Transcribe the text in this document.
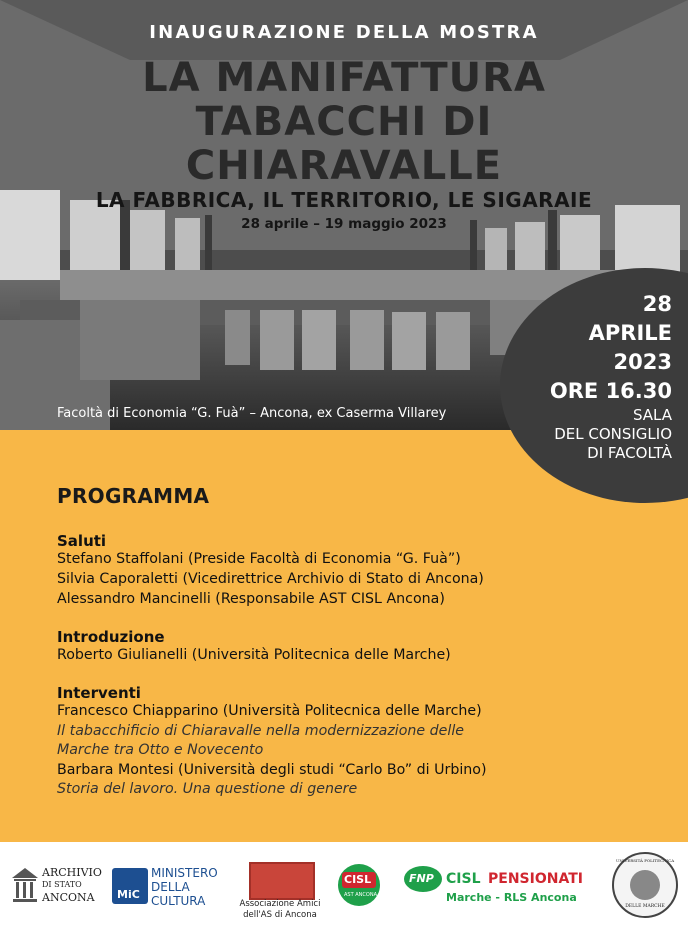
INAUGURAZIONE DELLA MOSTRA

LA MANIFATTURA

TABACCHI DI

CHIARAVALLE

LA FABBRICA, IL TERRITORIO, LE SIGARAIE

28 aprile – 19 maggio 2023

Facoltà di Economia “G. Fuà” – Ancona, ex Caserma Villarey

28

APRILE

2023

ORE 16.30

SALA

DEL CONSIGLIO

DI FACOLTÀ

PROGRAMMA

Saluti

Stefano Staffolani (Preside Facoltà di Economia “G. Fuà”)

Silvia Caporaletti (Vicedirettrice Archivio di Stato di Ancona)

Alessandro Mancinelli (Responsabile AST CISL Ancona)

Introduzione

Roberto Giulianelli (Università Politecnica delle Marche)

Interventi

Francesco Chiapparino (Università Politecnica delle Marche)

Il tabacchificio di Chiaravalle nella modernizzazione delle

Marche tra Otto e Novecento

Barbara Montesi (Università degli studi “Carlo Bo” di Urbino)

Storia del lavoro. Una questione di genere

ARCHIVIO
DI STATO
ANCONA MiC
MINISTERO
DELLA
CULTURA	Associazione Amici
dell'AS di Ancona
CISL
AST ANCONA
FNP CISL PENSIONATI
Marche - RLS Ancona
UNIVERSITÀ POLITECNICA
DELLE MARCHE
